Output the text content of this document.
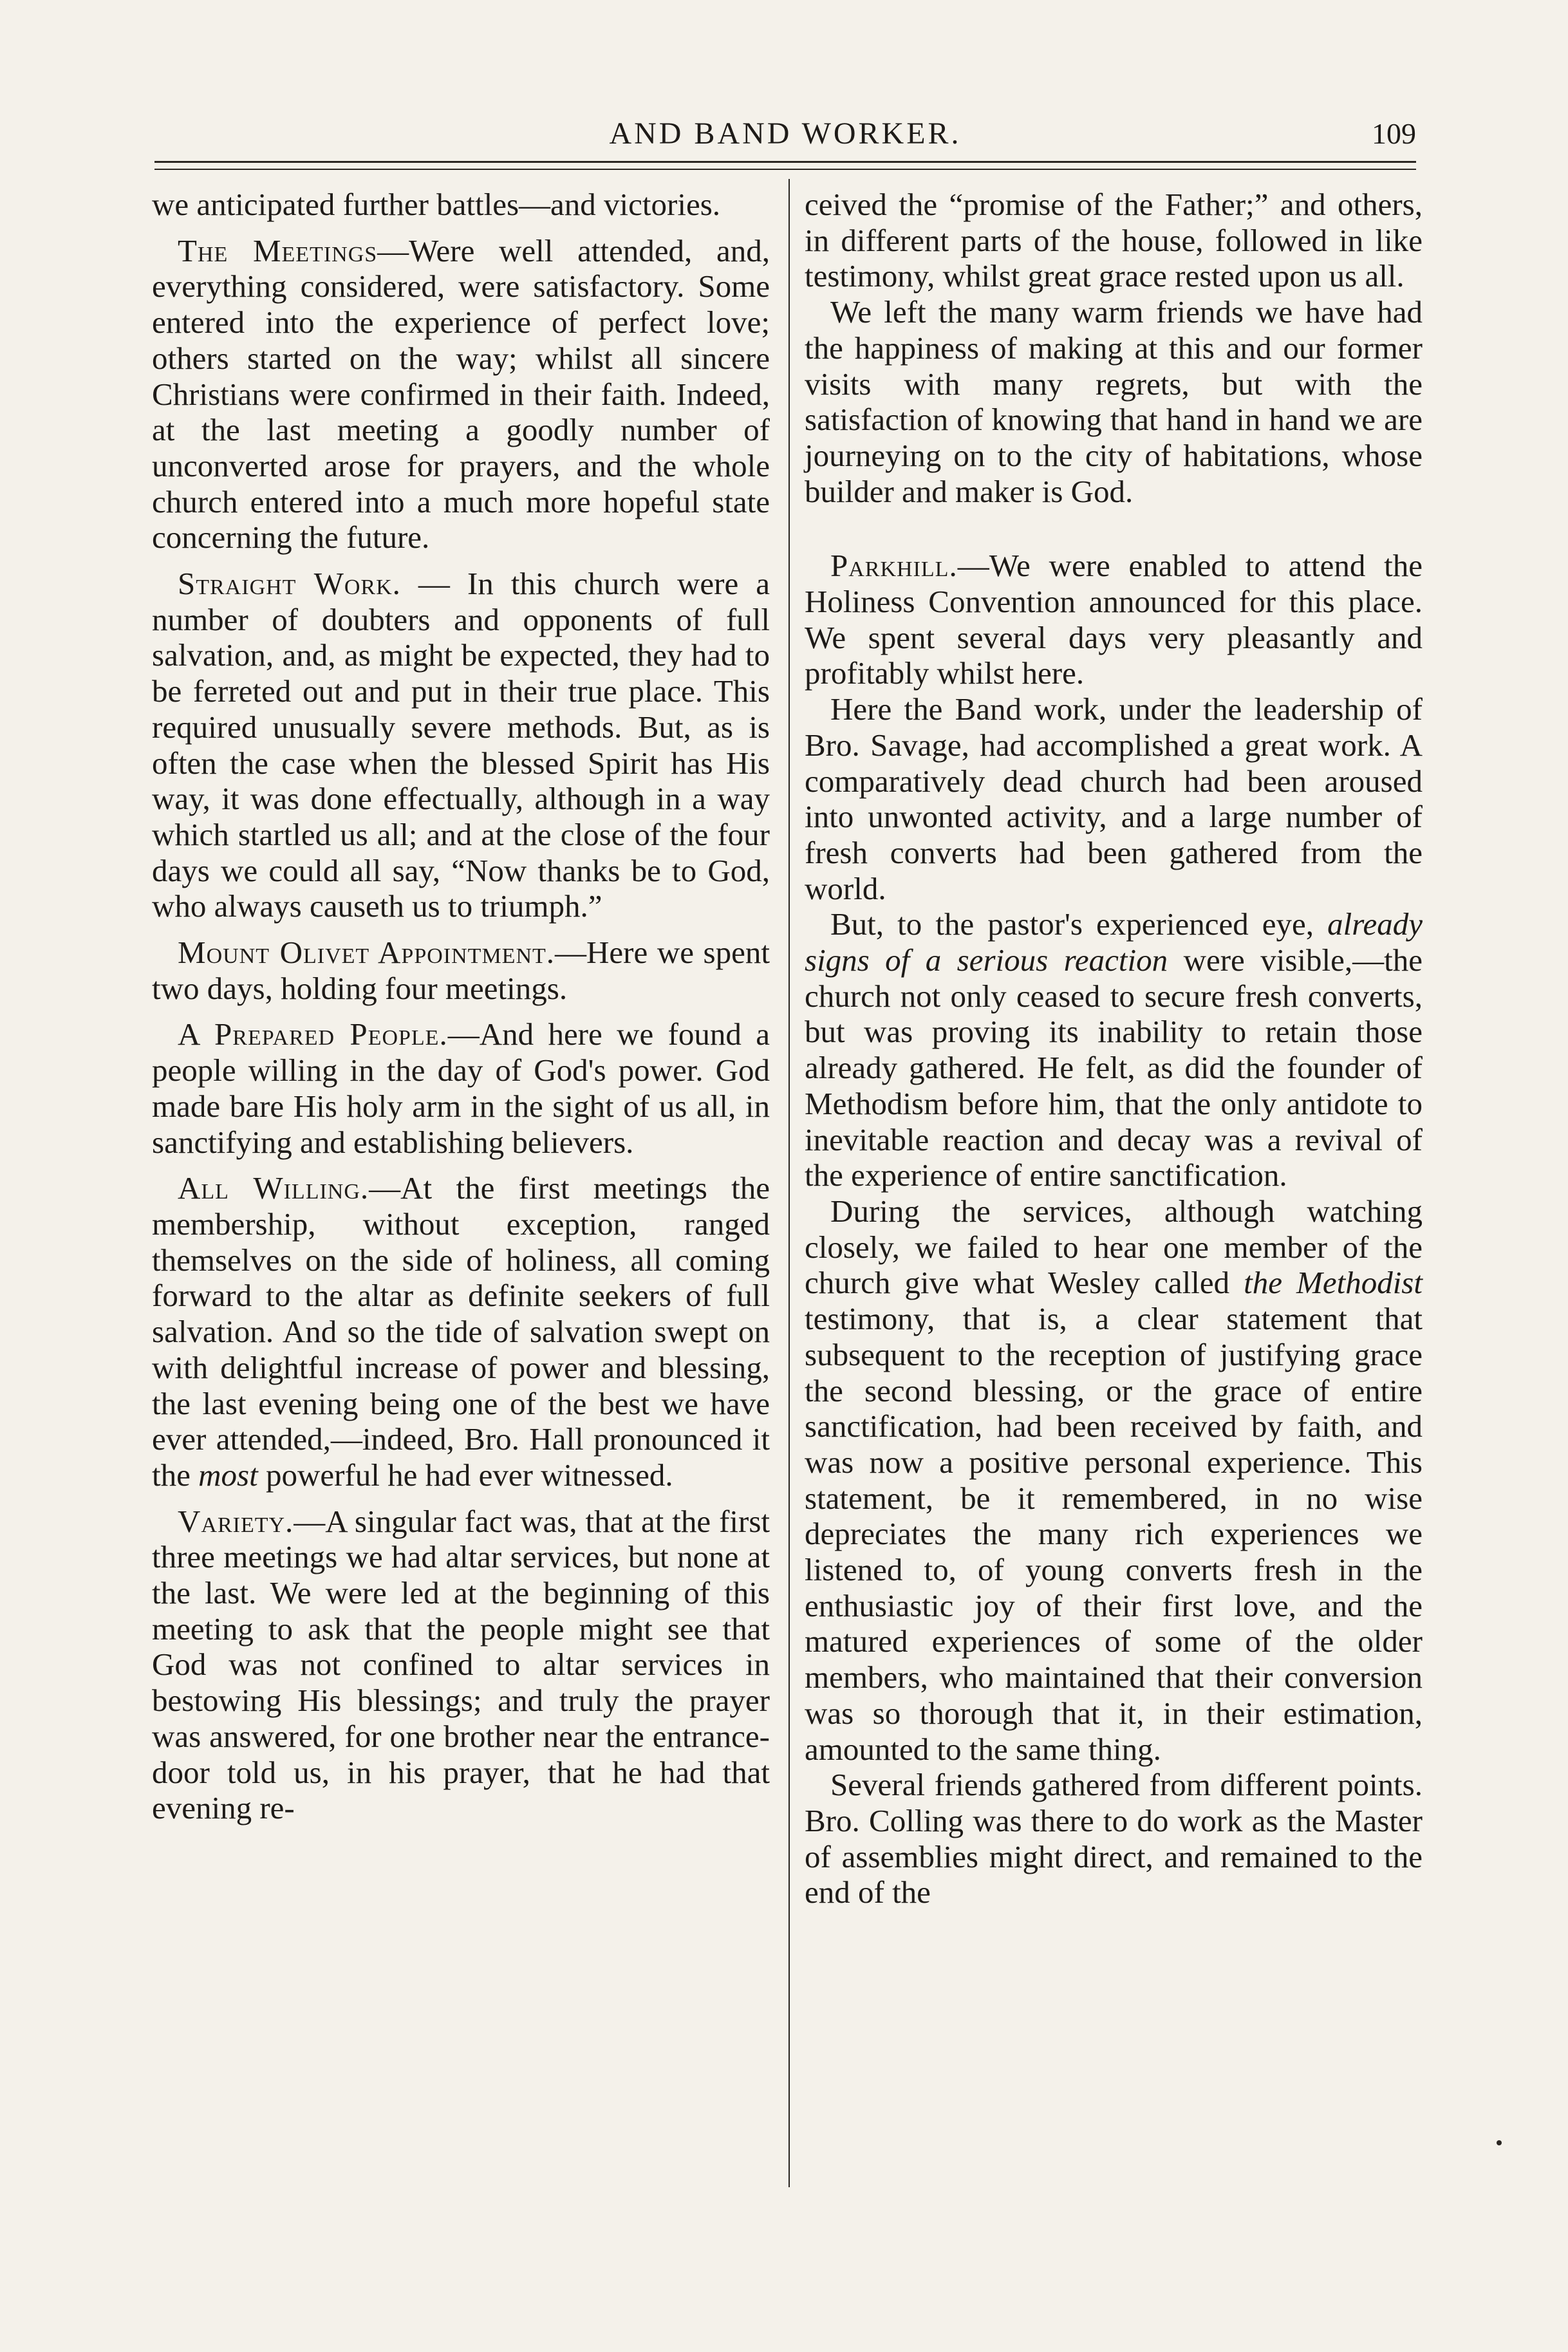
AND BAND WORKER.	109

we anticipated further battles—and victories.

The Meetings—Were well attended, and, everything considered, were satisfactory. Some entered into the experience of perfect love; others started on the way; whilst all sincere Christians were confirmed in their faith. Indeed, at the last meeting a goodly number of unconverted arose for prayers, and the whole church entered into a much more hopeful state concerning the future.

Straight Work. — In this church were a number of doubters and opponents of full salvation, and, as might be expected, they had to be ferreted out and put in their true place. This required unusually severe methods. But, as is often the case when the blessed Spirit has His way, it was done effectually, although in a way which startled us all; and at the close of the four days we could all say, “Now thanks be to God, who always causeth us to triumph.”

Mount Olivet Appointment.—Here we spent two days, holding four meetings.

A Prepared People.—And here we found a people willing in the day of God's power. God made bare His holy arm in the sight of us all, in sanctifying and establishing believers.

All Willing.—At the first meetings the membership, without exception, ranged themselves on the side of holiness, all coming forward to the altar as definite seekers of full salvation. And so the tide of salvation swept on with delightful increase of power and blessing, the last evening being one of the best we have ever attended,—indeed, Bro. Hall pronounced it the most powerful he had ever witnessed.

Variety.—A singular fact was, that at the first three meetings we had altar services, but none at the last. We were led at the beginning of this meeting to ask that the people might see that God was not confined to altar services in bestowing His blessings; and truly the prayer was answered, for one brother near the entrance-door told us, in his prayer, that he had that evening re-

ceived the “promise of the Father;” and others, in different parts of the house, followed in like testimony, whilst great grace rested upon us all.

We left the many warm friends we have had the happiness of making at this and our former visits with many regrets, but with the satisfaction of knowing that hand in hand we are journeying on to the city of habitations, whose builder and maker is God.

Parkhill.—We were enabled to attend the Holiness Convention announced for this place. We spent several days very pleasantly and profitably whilst here.

Here the Band work, under the leadership of Bro. Savage, had accomplished a great work. A comparatively dead church had been aroused into unwonted activity, and a large number of fresh converts had been gathered from the world.

But, to the pastor's experienced eye, already signs of a serious reaction were visible,—the church not only ceased to secure fresh converts, but was proving its inability to retain those already gathered. He felt, as did the founder of Methodism before him, that the only antidote to inevitable reaction and decay was a revival of the experience of entire sanctification.

During the services, although watching closely, we failed to hear one member of the church give what Wesley called the Methodist testimony, that is, a clear statement that subsequent to the reception of justifying grace the second blessing, or the grace of entire sanctification, had been received by faith, and was now a positive personal experience. This statement, be it remembered, in no wise depreciates the many rich experiences we listened to, of young converts fresh in the enthusiastic joy of their first love, and the matured experiences of some of the older members, who maintained that their conversion was so thorough that it, in their estimation, amounted to the same thing.

Several friends gathered from different points. Bro. Colling was there to do work as the Master of assemblies might direct, and remained to the end of the
